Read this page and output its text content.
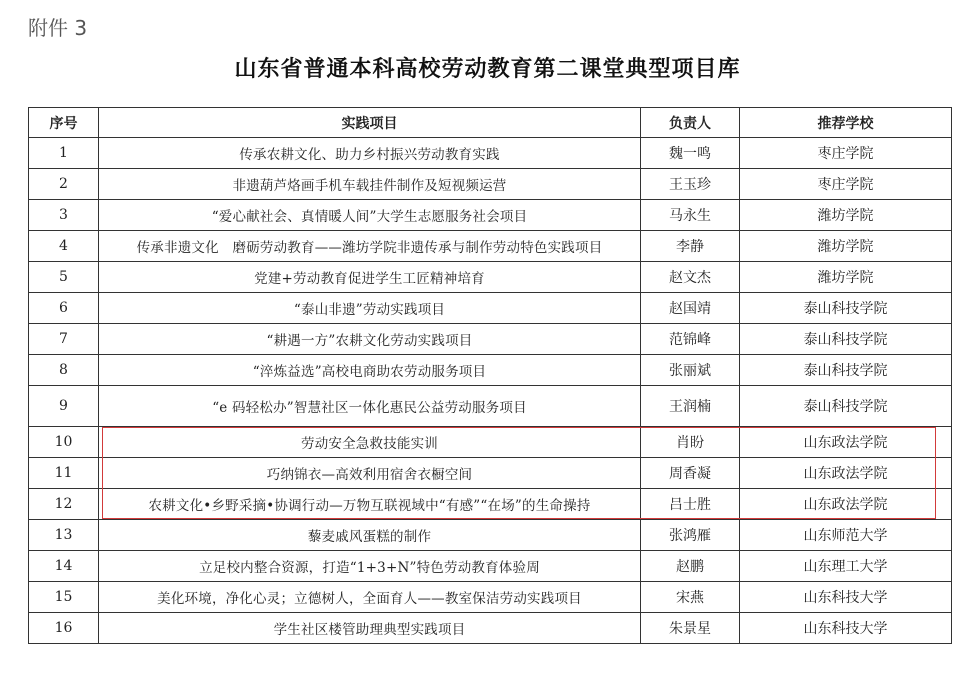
附件 3
山东省普通本科高校劳动教育第二课堂典型项目库
序号	实践项目	负责人	推荐学校
1	传承农耕文化、助力乡村振兴劳动教育实践	魏一鸣	枣庄学院
2	非遗葫芦烙画手机车载挂件制作及短视频运营	王玉珍	枣庄学院
3	“爱心献社会、真情暖人间”大学生志愿服务社会项目	马永生	潍坊学院
4	传承非遗文化　磨砺劳动教育——潍坊学院非遗传承与制作劳动特色实践项目	李静	潍坊学院
5	党建+劳动教育促进学生工匠精神培育	赵文杰	潍坊学院
6	“泰山非遗”劳动实践项目	赵国靖	泰山科技学院
7	“耕遇一方”农耕文化劳动实践项目	范锦峰	泰山科技学院
8	“淬炼益选”高校电商助农劳动服务项目	张丽斌	泰山科技学院
9	“e 码轻松办”智慧社区一体化惠民公益劳动服务项目	王润楠	泰山科技学院
10	劳动安全急救技能实训	肖盼	山东政法学院
11	巧纳锦衣—高效利用宿舍衣橱空间	周香凝	山东政法学院
12	农耕文化•乡野采摘•协调行动—万物互联视域中“有感”“在场”的生命操持	吕士胜	山东政法学院
13	藜麦戚风蛋糕的制作	张鸿雁	山东师范大学
14	立足校内整合资源，打造“1+3+N”特色劳动教育体验周	赵鹏	山东理工大学
15	美化环境，净化心灵；立德树人，全面育人——教室保洁劳动实践项目	宋燕	山东科技大学
16	学生社区楼管助理典型实践项目	朱景星	山东科技大学
